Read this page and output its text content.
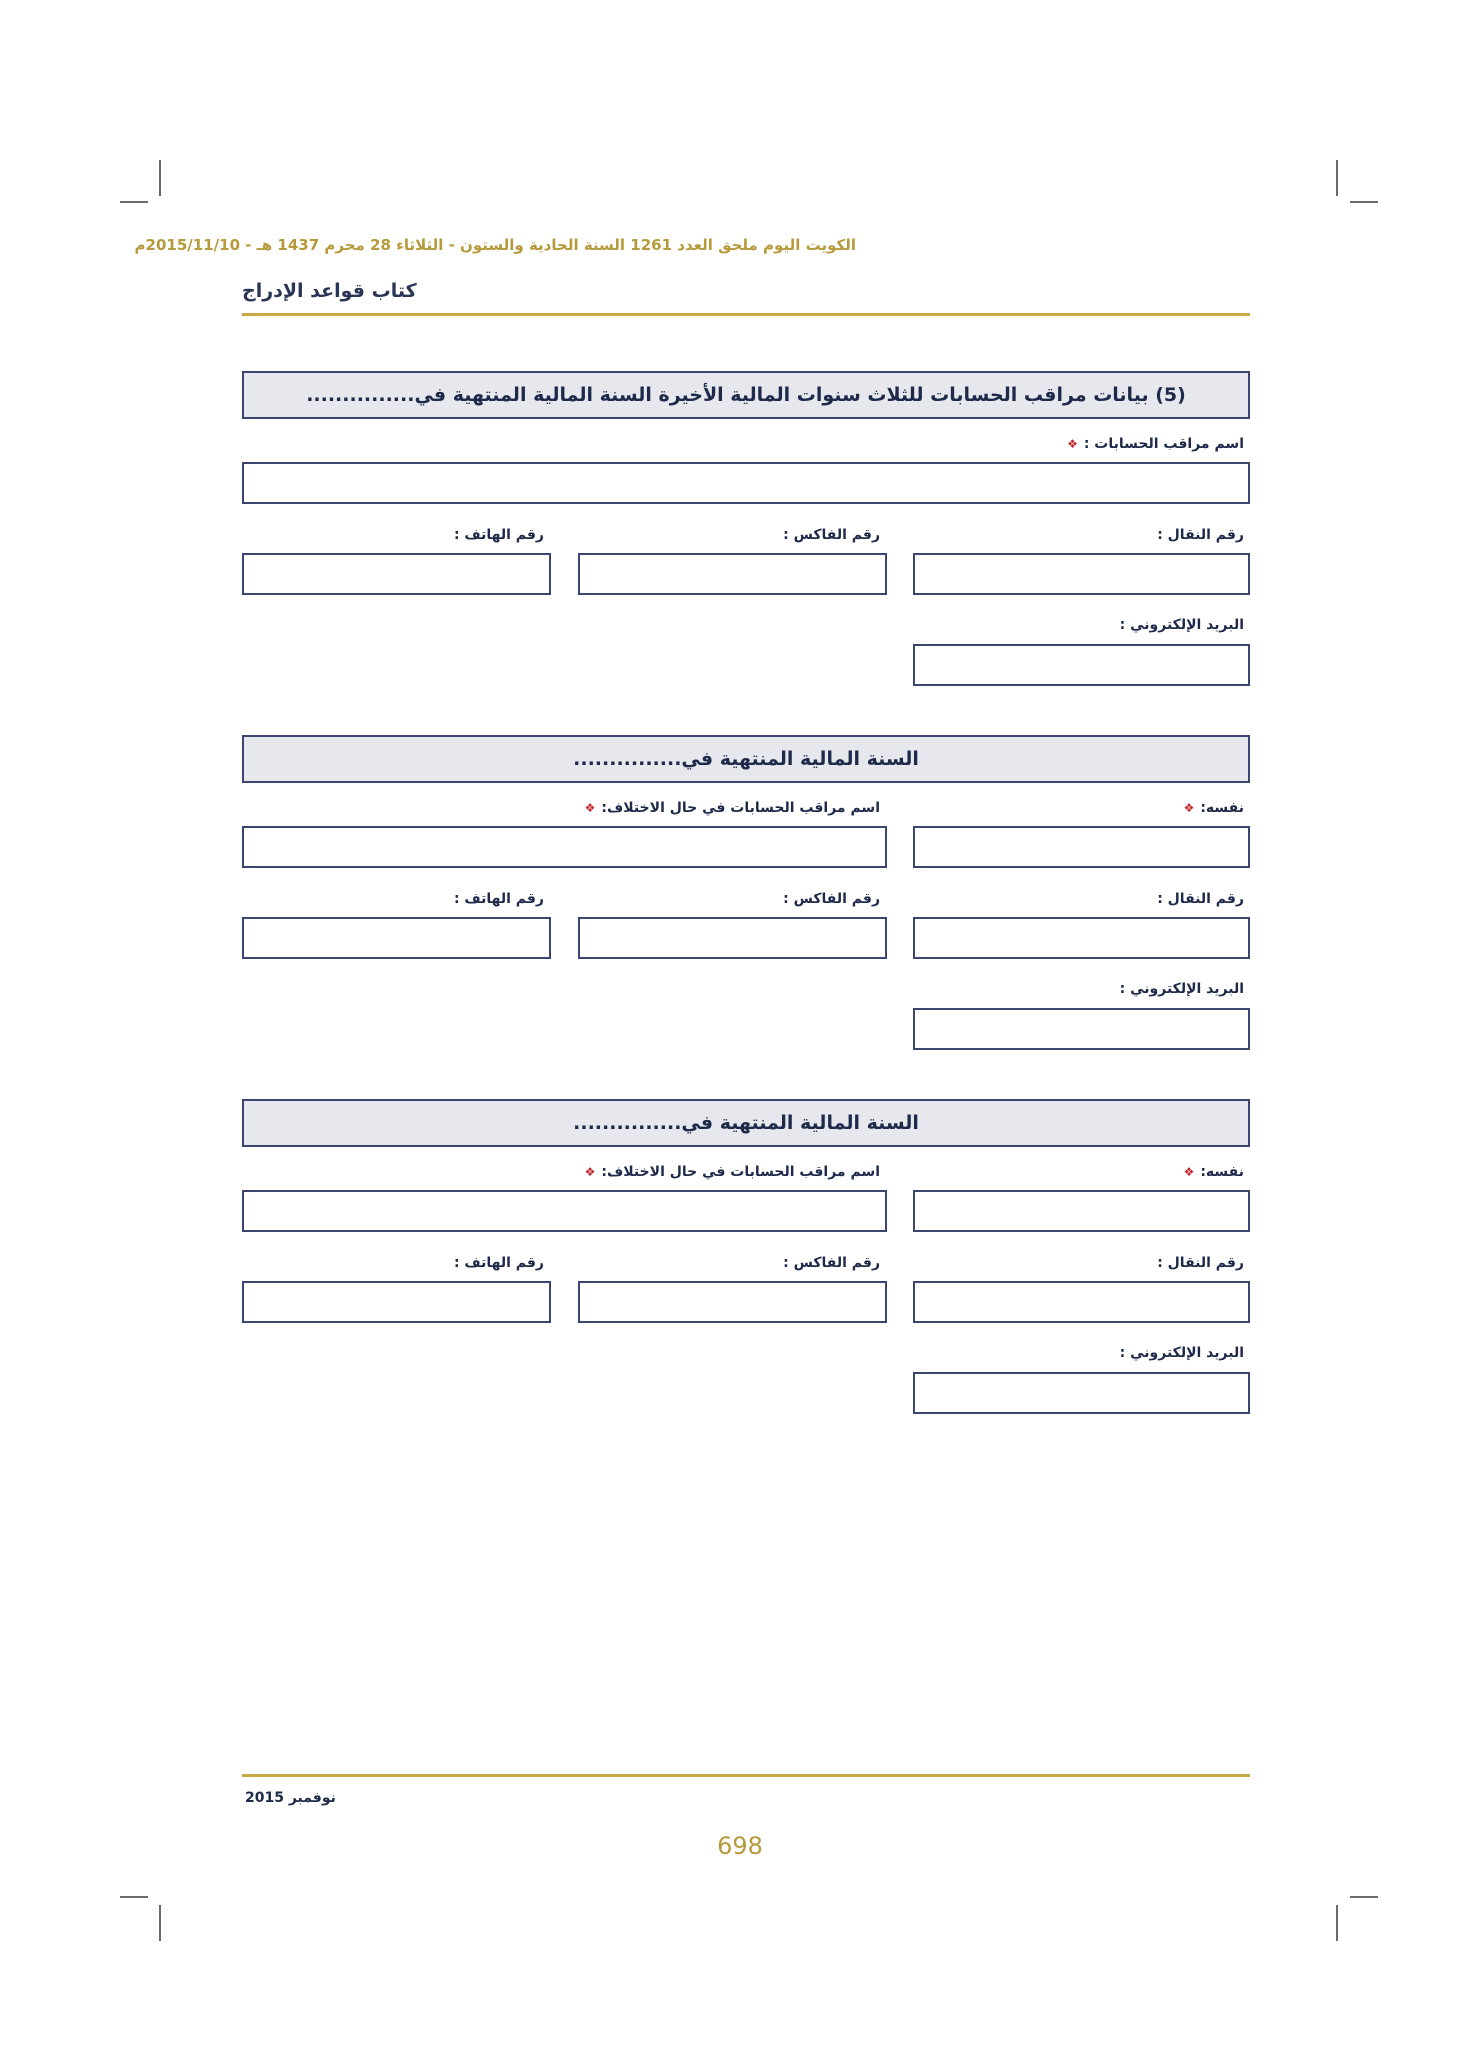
الكويت اليوم ملحق العدد 1261 السنة الحادية والستون - الثلاثاء 28 محرم 1437 هـ - 2015/11/10م
كتاب قواعد الإدراج
(5) بيانات مراقب الحسابات للثلاث سنوات المالية الأخيرة السنة المالية المنتهية في...............
اسم مراقب الحسابات :❖
رقم النقال :
رقم الفاكس :
رقم الهاتف :
البريد الإلكتروني :
السنة المالية المنتهية في...............
نفسه:❖
اسم مراقب الحسابات في حال الاختلاف:❖
رقم النقال :
رقم الفاكس :
رقم الهاتف :
البريد الإلكتروني :
السنة المالية المنتهية في...............
نفسه:❖
اسم مراقب الحسابات في حال الاختلاف:❖
رقم النقال :
رقم الفاكس :
رقم الهاتف :
البريد الإلكتروني :
نوفمبر 2015
698
